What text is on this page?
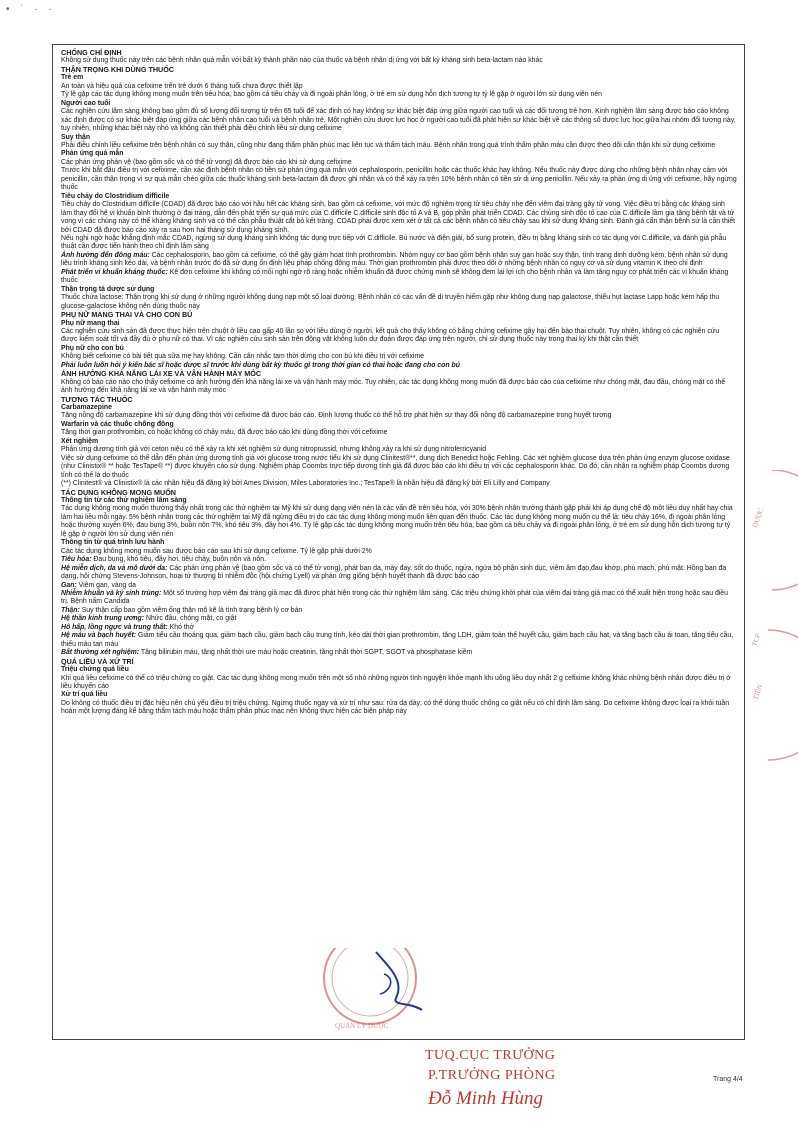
• ˙ · ·

CHỐNG CHỈ ĐỊNH

Không sử dụng thuốc này trên các bệnh nhân quá mẫn với bất kỳ thành phần nào của thuốc và bệnh nhân dị ứng với bất kỳ kháng sinh beta-lactam nào khác

THẬN TRỌNG KHI DÙNG THUỐC

Trẻ em

An toàn và hiệu quả của cefixime trên trẻ dưới 6 tháng tuổi chưa được thiết lập

Tỷ lệ gặp các tác dụng không mong muốn trên tiêu hóa, bao gồm cả tiêu chảy và đi ngoài phân lỏng, ở trẻ em sử dụng hỗn dịch tương tự tỷ lệ gặp ở người lớn sử dụng viên nén

Người cao tuổi

Các nghiên cứu lâm sàng không bao gồm đủ số lượng đối tượng từ trên 65 tuổi để xác định có hay không sự khác biệt đáp ứng giữa người cao tuổi và các đối tượng trẻ hơn. Kinh nghiệm lâm sàng được báo cáo không xác định được có sự khác biệt đáp ứng giữa các bệnh nhân cao tuổi và bệnh nhân trẻ. Một nghiên cứu dược lực học ở người cao tuổi đã phát hiện sự khác biệt về các thông số dược lực học giữa hai nhóm đối tượng này, tuy nhiên, những khác biệt này nhỏ và không cần thiết phải điều chỉnh liều sử dụng cefixime

Suy thận

Phải điều chỉnh liều cefixime trên bệnh nhân có suy thận, cũng như đang thẩm phân phúc mạc liên tục và thẩm tách máu. Bệnh nhân trong quá trình thẩm phân máu cần được theo dõi cẩn thận khi sử dụng cefixime

Phản ứng quá mẫn

Các phản ứng phản vệ (bao gồm sốc và có thể tử vong) đã được báo cáo khi sử dụng cefixime

Trước khi bắt đầu điều trị với cefixime, cần xác định bệnh nhân có tiền sử phản ứng quá mẫn với cephalosporin, penicillin hoặc các thuốc khác hay không. Nếu thuốc này được dùng cho những bệnh nhân nhạy cảm với penicillin, cần thận trọng vì sự quá mẫn chéo giữa các thuốc kháng sinh beta-lactam đã được ghi nhận và có thể xảy ra trên 10% bệnh nhân có tiền sử dị ứng penicillin. Nếu xảy ra phản ứng dị ứng với cefixime, hãy ngừng thuốc

Tiêu chảy do Clostridium difficile

Tiêu chảy do Clostridium difficile (CDAD) đã được báo cáo với hầu hết các kháng sinh, bao gồm cả cefixime, với mức độ nghiêm trọng từ tiêu chảy nhẹ đến viêm đại tràng gây tử vong. Việc điều trị bằng các kháng sinh làm thay đổi hệ vi khuẩn bình thường ở đại tràng, dẫn đến phát triển sự quá mức của C.difficile C.difficile sinh độc tố A và B, góp phần phát triển CDAD. Các chủng sinh độc tố cao của C.difficile làm gia tăng bệnh tật và tử vong vì các chủng này có thể kháng kháng sinh và có thể cần phẫu thuật cắt bỏ kết tràng. CDAD phải được xem xét ở tất cả các bệnh nhân có tiêu chảy sau khi sử dụng kháng sinh. Đánh giá cẩn thận bệnh sử là cần thiết bởi CDAD đã được báo cáo xảy ra sau hơn hai tháng sử dụng kháng sinh.

Nếu nghi ngờ hoặc khẳng định mắc CDAD, ngừng sử dụng kháng sinh không tác dụng trực tiếp với C.difficile. Bù nước và điện giải, bổ sung protein, điều trị bằng kháng sinh có tác dụng với C.difficile, và đánh giá phẫu thuật cần được tiến hành theo chỉ định lâm sàng

Ảnh hưởng đến đông máu: Các cephalosporin, bao gồm cả cefixime, có thể gây giảm hoạt tính prothrombin. Nhóm nguy cơ bao gồm bệnh nhân suy gan hoặc suy thận, tình trạng dinh dưỡng kém, bệnh nhân sử dụng liệu trình kháng sinh kéo dài, và bệnh nhân trước đó đã sử dụng ổn định liệu pháp chống đông máu. Thời gian prothrombin phải được theo dõi ở những bệnh nhân có nguy cơ và sử dụng vitamin K theo chỉ định

Phát triển vi khuẩn kháng thuốc: Kê đơn cefixime khi không có mối nghi ngờ rõ ràng hoặc nhiễm khuẩn đã được chứng minh sẽ không đem lại lợi ích cho bệnh nhân và làm tăng nguy cơ phát triển các vi khuẩn kháng thuốc

Thận trọng tá dược sử dụng

Thuốc chứa lactose: Thận trọng khi sử dụng ở những người không dung nạp một số loại đường. Bệnh nhân có các vấn đề di truyền hiếm gặp như không dung nạp galactose, thiếu hụt lactase Lapp hoặc kém hấp thu glucose-galactose không nên dùng thuốc này

PHỤ NỮ MANG THAI VÀ CHO CON BÚ

Phụ nữ mang thai

Các nghiên cứu sinh sản đã được thực hiện trên chuột ở liều cao gấp 40 lần so với liều dùng ở người, kết quả cho thấy không có bằng chứng cefixime gây hại đến bào thai chuột. Tuy nhiên, không có các nghiên cứu được kiểm soát tốt và đầy đủ ở phụ nữ có thai. Vì các nghiên cứu sinh sản trên động vật không luôn dự đoán được đáp ứng trên người, chỉ sử dụng thuốc này trong thai kỳ khi thật cần thiết

Phụ nữ cho con bú

Không biết cefixime có bài tiết qua sữa mẹ hay không. Cần cân nhắc tạm thời dừng cho con bú khi điều trị với cefixime

Phải luôn luôn hỏi ý kiến bác sĩ hoặc dược sĩ trước khi dùng bất kỳ thuốc gì trong thời gian có thai hoặc đang cho con bú

ẢNH HƯỞNG KHẢ NĂNG LÁI XE VÀ VẬN HÀNH MÁY MÓC

Không có báo cáo nào cho thấy cefixime có ảnh hưởng đến khả năng lái xe và vận hành máy móc. Tuy nhiên, các tác dụng không mong muốn đã được báo cáo của cefixime như chóng mặt, đau đầu, chóng mặt có thể ảnh hưởng đến khả năng lái xe và vận hành máy móc

TƯƠNG TÁC THUỐC

Carbamazepine

Tăng nồng độ carbamazepine khi sử dụng đồng thời với cefixime đã được báo cáo. Định lượng thuốc có thể hỗ trợ phát hiện sự thay đổi nồng độ carbamazepine trong huyết tương

Warfarin và các thuốc chống đông

Tăng thời gian prothrombin, có hoặc không có chảy máu, đã được báo cáo khi dùng đồng thời với cefixime

Xét nghiệm

Phản ứng dương tính giả với ceton niệu có thể xảy ra khi xét nghiệm sử dụng nitroprussid, nhưng không xảy ra khi sử dụng nitroferricyanid

Việc sử dụng cefixime có thể dẫn đến phản ứng dương tính giả với glucose trong nước tiểu khi sử dụng Clinitest®**, dung dịch Benedict hoặc Fehling. Các xét nghiệm glucose dựa trên phản ứng enzym glucose oxidase (như Clinistix® ** hoặc TesTape® **) được khuyến cáo sử dụng. Nghiệm pháp Coombs trực tiếp dương tính giả đã được báo cáo khi điều trị với các cephalosporin khác. Do đó, cần nhận ra nghiệm pháp Coombs dương tính có thể là do thuốc

(**) Clinitest® và Clinistix® là các nhãn hiệu đã đăng ký bởi Ames Division, Miles Laboratories Inc.; TesTape® là nhãn hiệu đã đăng ký bởi Eli Lilly and Company

TÁC DỤNG KHÔNG MONG MUỐN

Thông tin từ các thử nghiệm lâm sàng

Tác dụng không mong muốn thường thấy nhất trong các thử nghiệm tại Mỹ khi sử dụng dạng viên nén là các vấn đề trên tiêu hóa, với 30% bệnh nhân trưởng thành gặp phải khi áp dụng chế độ một liều duy nhất hay chia làm hai liều mỗi ngày. 5% bệnh nhân trong các thử nghiệm tại Mỹ đã ngừng điều trị do các tác dụng không mong muốn liên quan đến thuốc. Các tác dụng không mong muốn cụ thể là: tiêu chảy 16%, đi ngoài phân lỏng hoặc thường xuyên 6%, đau bụng 3%, buồn nôn 7%, khó tiêu 3%, đầy hơi 4%. Tỷ lệ gặp các tác dụng không mong muốn trên tiêu hóa, bao gồm cả tiêu chảy và đi ngoài phân lỏng, ở trẻ em sử dụng hỗn dịch tương tự tỷ lệ gặp ở người lớn sử dụng viên nén

Thông tin từ quá trình lưu hành

Các tác dụng không mong muốn sau được báo cáo sau khi sử dụng cefixime. Tỷ lệ gặp phải dưới 2%

Tiêu hóa: Đau bụng, khó tiêu, đầy hơi, tiêu chảy, buồn nôn và nôn.

Hệ miễn dịch, da và mô dưới da: Các phản ứng phản vệ (bao gồm sốc và có thể tử vong), phát ban da, mày đay, sốt do thuốc, ngứa, ngứa bộ phận sinh dục, viêm âm đạo,đau khớp, phù mạch, phù mặt. Hồng ban đa dạng, hội chứng Stevens-Johnson, hoại tử thượng bì nhiễm độc (hội chứng Lyell) và phản ứng giống bệnh huyết thanh đã được báo cáo

Gan: Viêm gan, vàng da

Nhiễm khuẩn và ký sinh trùng: Một số trường hợp viêm đại tràng giả mạc đã được phát hiện trong các thử nghiệm lâm sàng. Các triệu chứng khởi phát của viêm đại tràng giả mạc có thể xuất hiện trong hoặc sau điều trị. Bệnh nấm Candida

Thận: Suy thận cấp bao gồm viêm ống thận mô kẽ là tình trạng bệnh lý cơ bản

Hệ thần kinh trung ương: Nhức đầu, chóng mặt, co giật

Hô hấp, lồng ngực và trung thất: Khó thở

Hệ máu và bạch huyết: Giảm tiểu cầu thoáng qua, giảm bạch cầu, giảm bạch cầu trung tính, kéo dài thời gian prothrombin, tăng LDH, giảm toàn thể huyết cầu, giảm bạch cầu hạt, và tăng bạch cầu ái toan, tăng tiểu cầu, thiếu máu tan máu

Bất thường xét nghiệm: Tăng bilirubin máu, tăng nhất thời ure máu hoặc creatinin, tăng nhất thời SGPT, SGOT và phosphatase kiềm

QUÁ LIỀU VÀ XỬ TRÍ

Triệu chứng quá liều

Khi quá liều cefixime có thể có triệu chứng co giật. Các tác dụng không mong muốn trên một số nhỏ những người tình nguyện khỏe mạnh khi uống liều duy nhất 2 g cefixime không khác những bệnh nhân được điều trị ở liều khuyến cáo

Xử trí quá liều

Do không có thuốc điều trị đặc hiệu nên chủ yếu điều trị triệu chứng. Ngừng thuốc ngay và xử trí như sau: rửa dạ dày; có thể dùng thuốc chống co giật nếu có chỉ định lâm sàng. Do cefixime không được loại ra khỏi tuần hoàn một lượng đáng kể bằng thẩm tách máu hoặc thẩm phân phúc mạc nên không thực hiện các biện pháp này

DƯỢC
TCP
TIẾN
QUẢN LÝ DƯỢC
TUQ.CỤC TRƯỞNG
P.TRƯỞNG PHÒNG
Đỗ Minh Hùng
Trang 4/4
